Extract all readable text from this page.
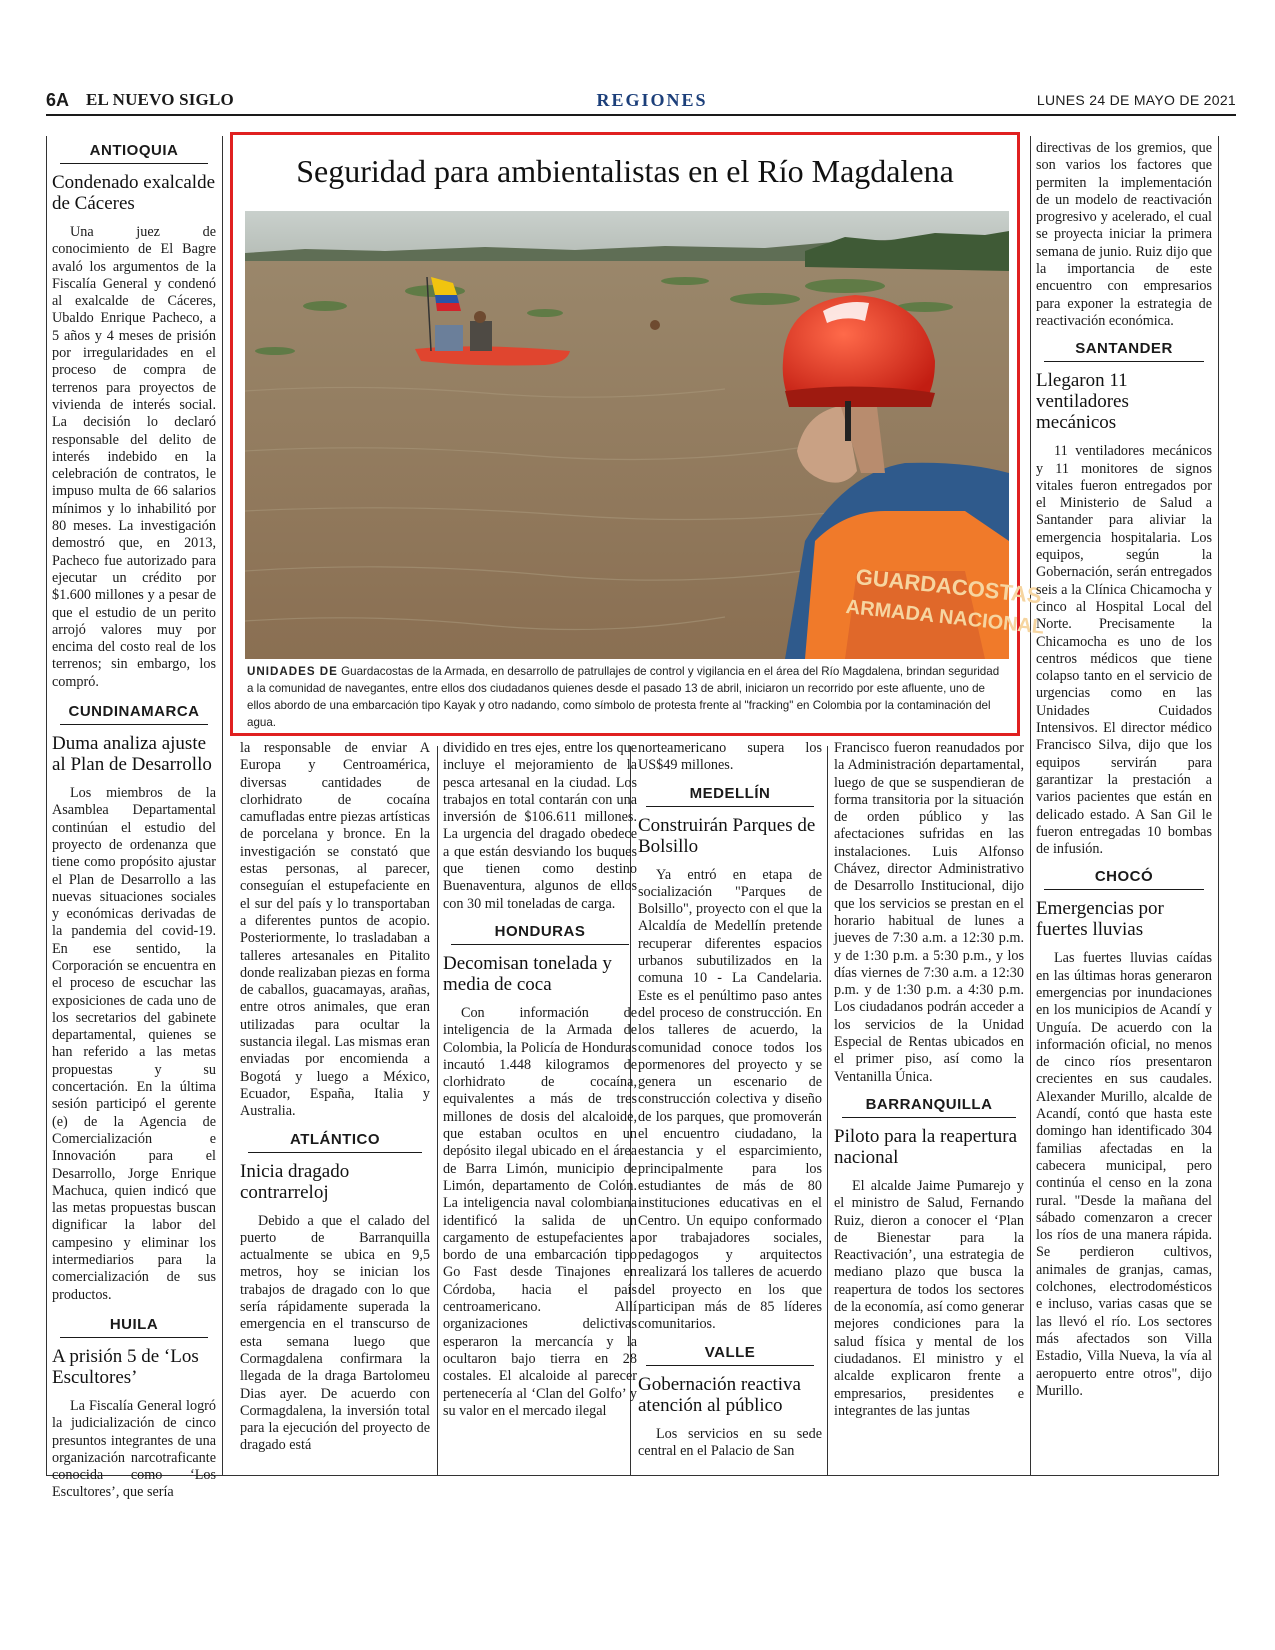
6A EL NUEVO SIGLO	REGIONES	LUNES 24 DE MAYO DE 2021
ANTIOQUIA
Condenado exalcalde de Cáceres
Una juez de conocimiento de El Bagre avaló los argumentos de la Fiscalía General y condenó al exalcalde de Cáceres, Ubaldo Enrique Pacheco, a 5 años y 4 meses de prisión por irregularidades en el proceso de compra de terrenos para proyectos de vivienda de interés social. La decisión lo declaró responsable del delito de interés indebido en la celebración de contratos, le impuso multa de 66 salarios mínimos y lo inhabilitó por 80 meses. La investigación demostró que, en 2013, Pacheco fue autorizado para ejecutar un crédito por $1.600 millones y a pesar de que el estudio de un perito arrojó valores muy por encima del costo real de los terrenos; sin embargo, los compró.
CUNDINAMARCA
Duma analiza ajuste al Plan de Desarrollo
Los miembros de la Asamblea Departamental continúan el estudio del proyecto de ordenanza que tiene como propósito ajustar el Plan de Desarrollo a las nuevas situaciones sociales y económicas derivadas de la pandemia del covid-19. En ese sentido, la Corporación se encuentra en el proceso de escuchar las exposiciones de cada uno de los secretarios del gabinete departamental, quienes se han referido a las metas propuestas y su concertación. En la última sesión participó el gerente (e) de la Agencia de Comercialización e Innovación para el Desarrollo, Jorge Enrique Machuca, quien indicó que las metas propuestas buscan dignificar la labor del campesino y eliminar los intermediarios para la comercialización de sus productos.
HUILA
A prisión 5 de ‘Los Escultores’
La Fiscalía General logró la judicialización de cinco presuntos integrantes de una organización narcotraficante conocida como ‘Los Escultores’, que sería
Seguridad para ambientalistas en el Río Magdalena
GUARDACOSTAS
ARMADA NACIONAL
UNIDADES DE Guardacostas de la Armada, en desarrollo de patrullajes de control y vigilancia en el área del Río Magdalena, brindan seguridad a la comunidad de navegantes, entre ellos dos ciudadanos quienes desde el pasado 13 de abril, iniciaron un recorrido por este afluente, uno de ellos abordo de una embarcación tipo Kayak y otro nadando, como símbolo de protesta frente al "fracking" en Colombia por la contaminación del agua.
la responsable de enviar A Europa y Centroamérica, diversas cantidades de clorhidrato de cocaína camufladas entre piezas artísticas de porcelana y bronce. En la investigación se constató que estas personas, al parecer, conseguían el estupefaciente en el sur del país y lo transportaban a diferentes puntos de acopio. Posteriormente, lo trasladaban a talleres artesanales en Pitalito donde realizaban piezas en forma de caballos, guacamayas, arañas, entre otros animales, que eran utilizadas para ocultar la sustancia ilegal. Las mismas eran enviadas por encomienda a Bogotá y luego a México, Ecuador, España, Italia y Australia.
ATLÁNTICO
Inicia dragado contrarreloj
Debido a que el calado del puerto de Barranquilla actualmente se ubica en 9,5 metros, hoy se inician los trabajos de dragado con lo que sería rápidamente superada la emergencia en el transcurso de esta semana luego que Cormagdalena confirmara la llegada de la draga Bartolomeu Dias ayer. De acuerdo con Cormagdalena, la inversión total para la ejecución del proyecto de dragado está
dividido en tres ejes, entre los que incluye el mejoramiento de la pesca artesanal en la ciudad. Los trabajos en total contarán con una inversión de $106.611 millones. La urgencia del dragado obedece a que están desviando los buques que tienen como destino Buenaventura, algunos de ellos con 30 mil toneladas de carga.
HONDURAS
Decomisan tonelada y media de coca
Con información de inteligencia de la Armada de Colombia, la Policía de Honduras incautó 1.448 kilogramos de clorhidrato de cocaína, equivalentes a más de tres millones de dosis del alcaloide, que estaban ocultos en un depósito ilegal ubicado en el área de Barra Limón, municipio de Limón, departamento de Colón. La inteligencia naval colombiana identificó la salida de un cargamento de estupefacientes a bordo de una embarcación tipo Go Fast desde Tinajones en Córdoba, hacia el país centroamericano. Allí organizaciones delictivas esperaron la mercancía y la ocultaron bajo tierra en 28 costales. El alcaloide al parecer pertenecería al ‘Clan del Golfo’ y su valor en el mercado ilegal
norteamericano supera los US$49 millones.
MEDELLÍN
Construirán Parques de Bolsillo
Ya entró en etapa de socialización "Parques de Bolsillo", proyecto con el que la Alcaldía de Medellín pretende recuperar diferentes espacios urbanos subutilizados en la comuna 10 - La Candelaria. Este es el penúltimo paso antes del proceso de construcción. En los talleres de acuerdo, la comunidad conoce todos los pormenores del proyecto y se genera un escenario de construcción colectiva y diseño de los parques, que promoverán el encuentro ciudadano, la estancia y el esparcimiento, principalmente para los estudiantes de más de 80 instituciones educativas en el Centro. Un equipo conformado por trabajadores sociales, pedagogos y arquitectos realizará los talleres de acuerdo del proyecto en los que participan más de 85 líderes comunitarios.
VALLE
Gobernación reactiva atención al público
Los servicios en su sede central en el Palacio de San
Francisco fueron reanudados por la Administración departamental, luego de que se suspendieran de forma transitoria por la situación de orden público y las afectaciones sufridas en las instalaciones. Luis Alfonso Chávez, director Administrativo de Desarrollo Institucional, dijo que los servicios se prestan en el horario habitual de lunes a jueves de 7:30 a.m. a 12:30 p.m. y de 1:30 p.m. a 5:30 p.m., y los días viernes de 7:30 a.m. a 12:30 p.m. y de 1:30 p.m. a 4:30 p.m. Los ciudadanos podrán acceder a los servicios de la Unidad Especial de Rentas ubicados en el primer piso, así como la Ventanilla Única.
BARRANQUILLA
Piloto para la reapertura nacional
El alcalde Jaime Pumarejo y el ministro de Salud, Fernando Ruiz, dieron a conocer el ‘Plan de Bienestar para la Reactivación’, una estrategia de mediano plazo que busca la reapertura de todos los sectores de la economía, así como generar mejores condiciones para la salud física y mental de los ciudadanos. El ministro y el alcalde explicaron frente a empresarios, presidentes e integrantes de las juntas
directivas de los gremios, que son varios los factores que permiten la implementación de un modelo de reactivación progresivo y acelerado, el cual se proyecta iniciar la primera semana de junio. Ruiz dijo que la importancia de este encuentro con empresarios para exponer la estrategia de reactivación económica.
SANTANDER
Llegaron 11 ventiladores mecánicos
11 ventiladores mecánicos y 11 monitores de signos vitales fueron entregados por el Ministerio de Salud a Santander para aliviar la emergencia hospitalaria. Los equipos, según la Gobernación, serán entregados seis a la Clínica Chicamocha y cinco al Hospital Local del Norte. Precisamente la Chicamocha es uno de los centros médicos que tiene colapso tanto en el servicio de urgencias como en las Unidades Cuidados Intensivos. El director médico Francisco Silva, dijo que los equipos servirán para garantizar la prestación a varios pacientes que están en delicado estado. A San Gil le fueron entregadas 10 bombas de infusión.
CHOCÓ
Emergencias por fuertes lluvias
Las fuertes lluvias caídas en las últimas horas generaron emergencias por inundaciones en los municipios de Acandí y Unguía. De acuerdo con la información oficial, no menos de cinco ríos presentaron crecientes en sus caudales. Alexander Murillo, alcalde de Acandí, contó que hasta este domingo han identificado 304 familias afectadas en la cabecera municipal, pero continúa el censo en la zona rural. "Desde la mañana del sábado comenzaron a crecer los ríos de una manera rápida. Se perdieron cultivos, animales de granjas, camas, colchones, electrodomésticos e incluso, varias casas que se las llevó el río. Los sectores más afectados son Villa Estadio, Villa Nueva, la vía al aeropuerto entre otros", dijo Murillo.
